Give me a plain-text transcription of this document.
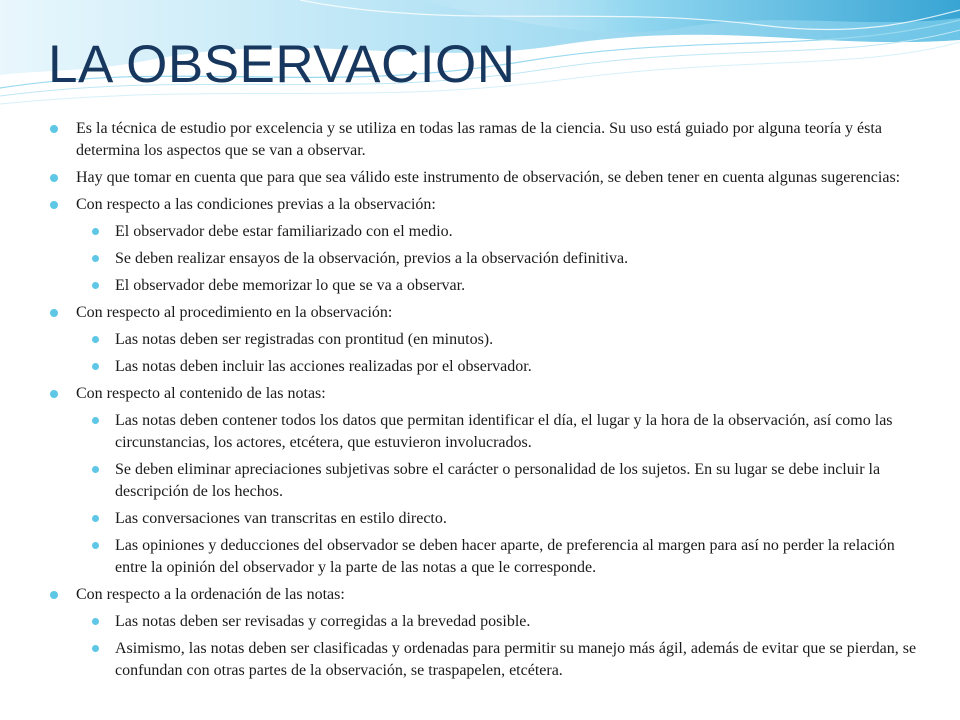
LA OBSERVACION
Es la técnica de estudio por excelencia y se utiliza en todas las ramas de la ciencia. Su uso está guiado por alguna teoría y ésta determina los aspectos que se van a observar.
Hay que tomar en cuenta que para que sea válido este instrumento de observación, se deben tener en cuenta algunas sugerencias:
Con respecto a las condiciones previas a la observación:
El observador debe estar familiarizado con el medio.
Se deben realizar ensayos de la observación, previos a la observación definitiva.
El observador debe memorizar lo que se va a observar.
Con respecto al procedimiento en la observación:
Las notas deben ser registradas con prontitud (en minutos).
Las notas deben incluir las acciones realizadas por el observador.
Con respecto al contenido de las notas:
Las notas deben contener todos los datos que permitan identificar el día, el lugar y la hora de la observación, así como las circunstancias, los actores, etcétera, que estuvieron involucrados.
Se deben eliminar apreciaciones subjetivas sobre el carácter o personalidad de los sujetos. En su lugar se debe incluir la descripción de los hechos.
Las conversaciones van transcritas en estilo directo.
Las opiniones y deducciones del observador se deben hacer aparte, de preferencia al margen para así no perder la relación entre la opinión del observador y la parte de las notas a que le corresponde.
Con respecto a la ordenación de las notas:
Las notas deben ser revisadas y corregidas a la brevedad posible.
Asimismo, las notas deben ser clasificadas y ordenadas para permitir su manejo más ágil, además de evitar que se pierdan, se confundan con otras partes de la observación, se traspapelen, etcétera.
